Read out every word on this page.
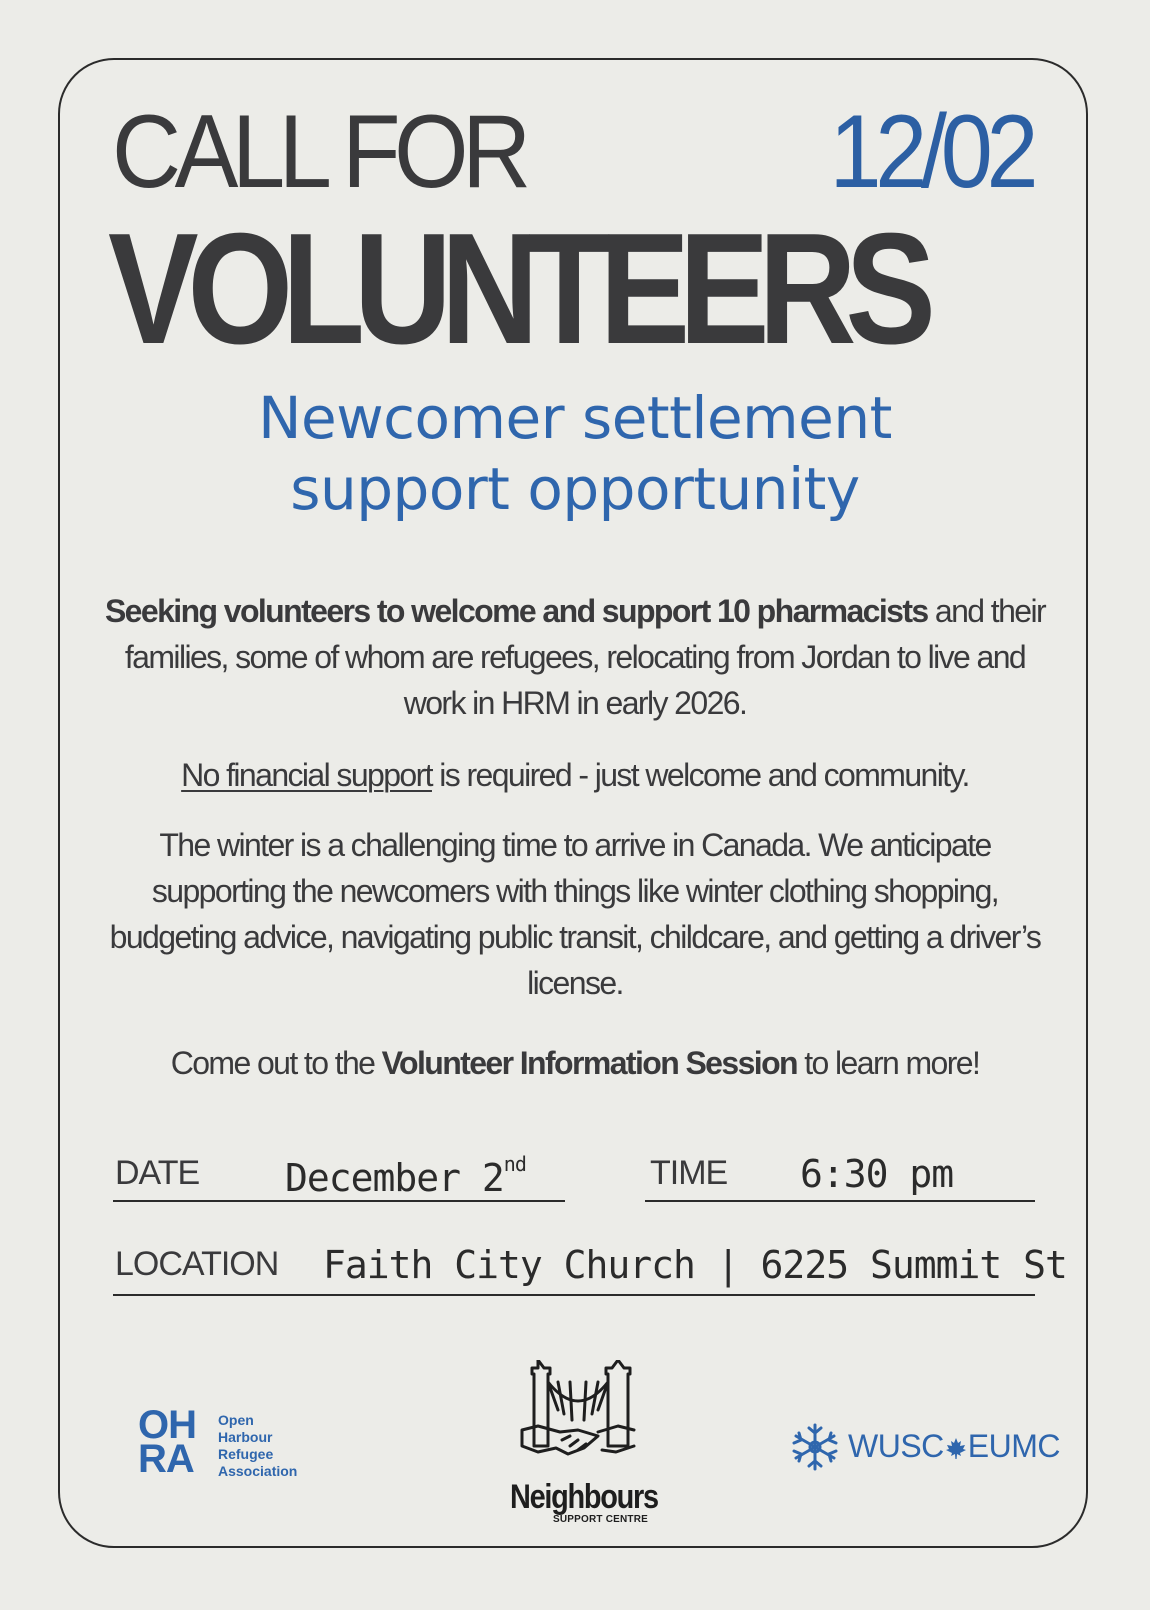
CALL FOR	12/02
VOLUNTEERS
Newcomer settlement
support opportunity
Seeking volunteers to welcome and support 10 pharmacists and their families, some of whom are refugees, relocating from Jordan to live and work in HRM in early 2026.
No financial support is required - just welcome and community.
The winter is a challenging time to arrive in Canada. We anticipate supporting the newcomers with things like winter clothing shopping, budgeting advice, navigating public transit, childcare, and getting a driver’s license.
Come out to the Volunteer Information Session to learn more!
DATE December 2nd	TIME 6:30 pm
LOCATION Faith City Church | 6225 Summit St
OH
RA
Open
Harbour
Refugee
Association
Neighbours
SUPPORT CENTRE
WUSC EUMC
